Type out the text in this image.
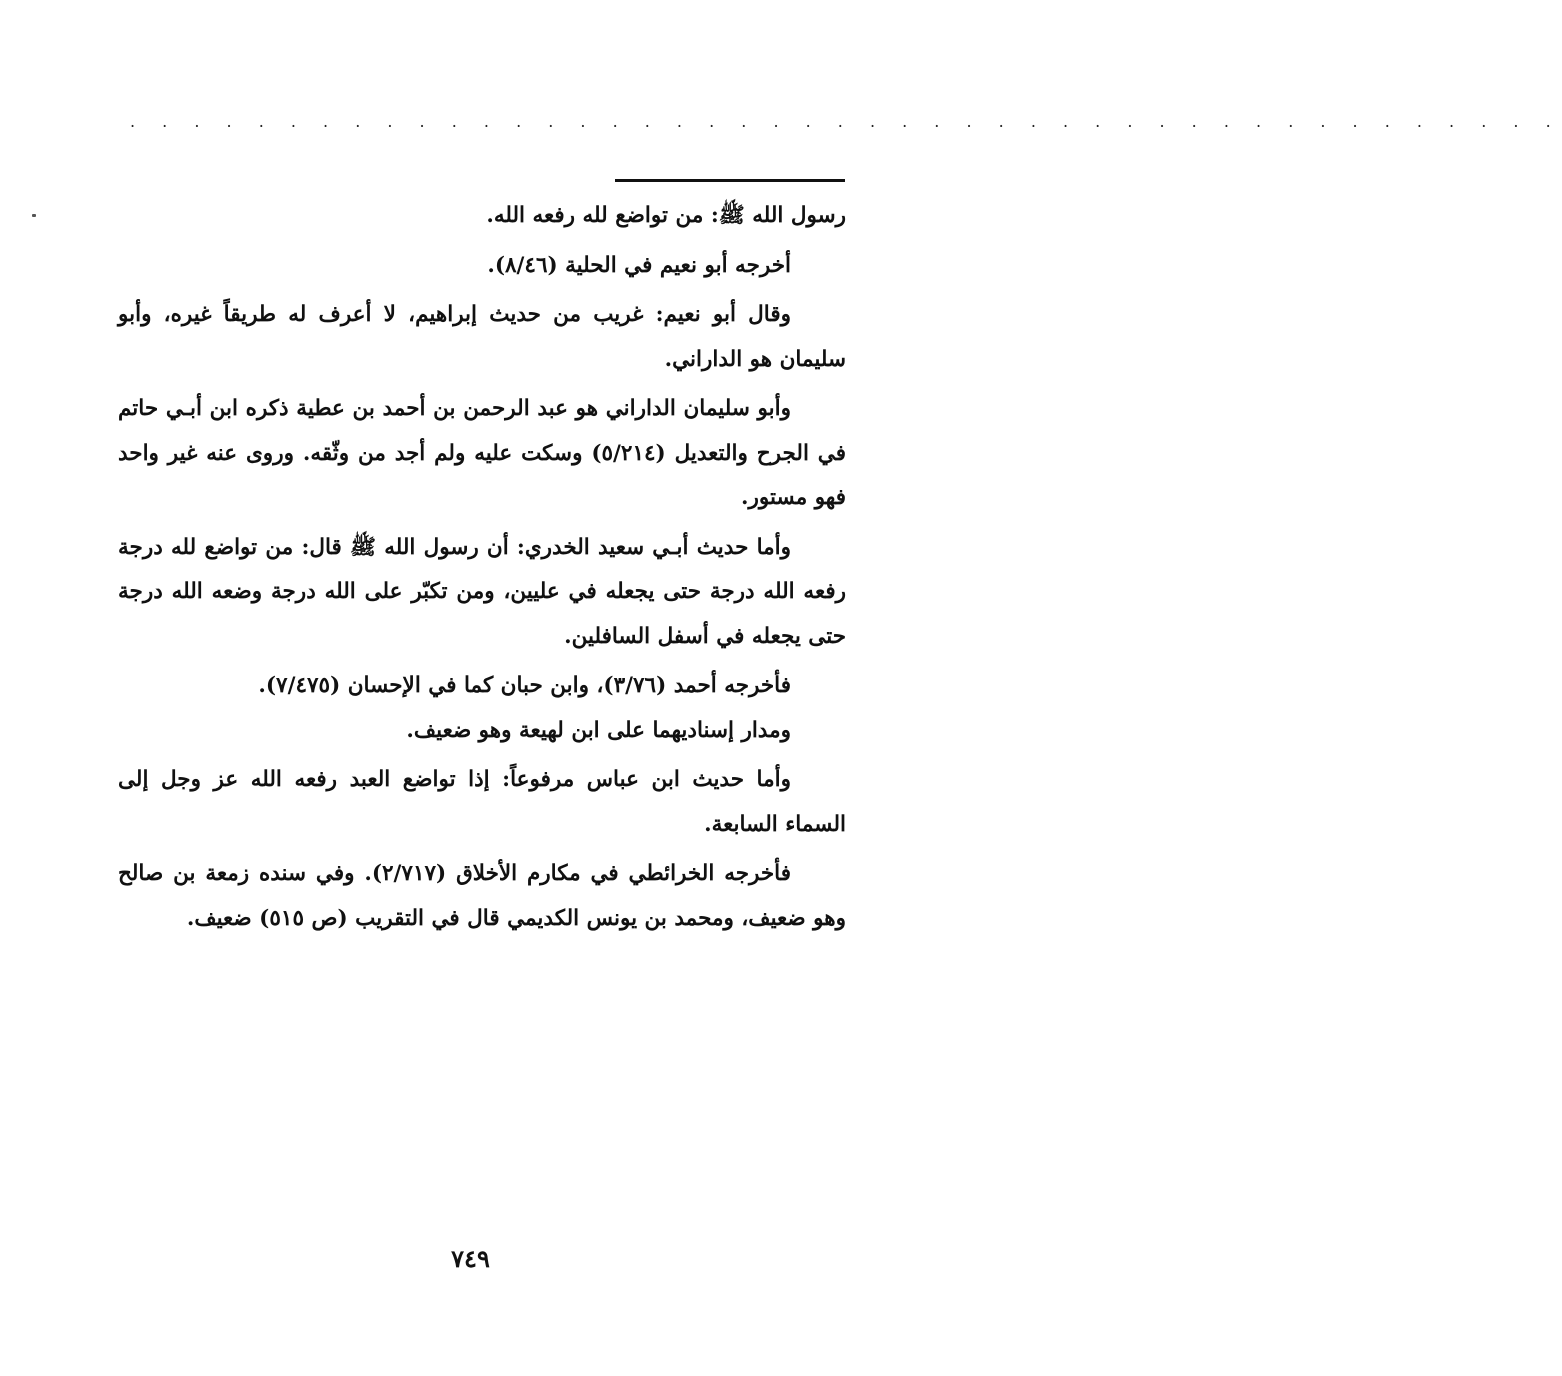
. . . . . . . . . . . . . . . . . . . . . . . . . . . . . . . . . . . . . . . . . . . . .

رسول الله ﷺ: من تواضع لله رفعه الله.

أخرجه أبو نعيم في الحلية (٨/٤٦).

وقال أبو نعيم: غريب من حديث إبراهيم، لا أعرف له طريقاً غيره، وأبو سليمان هو الداراني.

وأبو سليمان الداراني هو عبد الرحمن بن أحمد بن عطية ذكره ابن أبـي حاتم في الجرح والتعديل (٥/٢١٤) وسكت عليه ولم أجد من وثّقه. وروى عنه غير واحد فهو مستور.

وأما حديث أبـي سعيد الخدري: أن رسول الله ﷺ قال: من تواضع لله درجة رفعه الله درجة حتى يجعله في عليين، ومن تكبّر على الله درجة وضعه الله درجة حتى يجعله في أسفل السافلين.

فأخرجه أحمد (٣/٧٦)، وابن حبان كما في الإحسان (٧/٤٧٥).

ومدار إسناديهما على ابن لهيعة وهو ضعيف.

وأما حديث ابن عباس مرفوعاً: إذا تواضع العبد رفعه الله عز وجل إلى السماء السابعة.

فأخرجه الخرائطي في مكارم الأخلاق (٢/٧١٧). وفي سنده زمعة بن صالح وهو ضعيف، ومحمد بن يونس الكديمي قال في التقريب (ص ٥١٥) ضعيف.

٧٤٩
